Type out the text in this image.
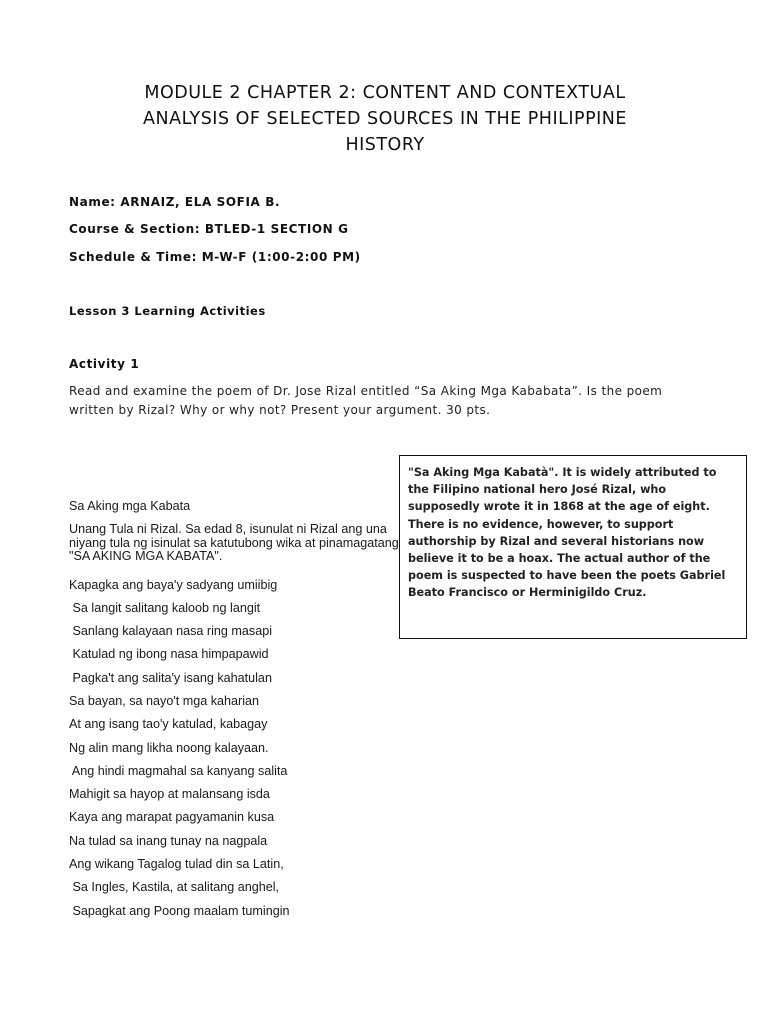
MODULE 2 CHAPTER 2: CONTENT AND CONTEXTUAL
ANALYSIS OF SELECTED SOURCES IN THE PHILIPPINE
HISTORY
Name: ARNAIZ, ELA SOFIA B.
Course & Section: BTLED-1 SECTION G
Schedule & Time: M-W-F (1:00-2:00 PM)
Lesson 3 Learning Activities
Activity 1
Read and examine the poem of Dr. Jose Rizal entitled “Sa Aking Mga Kababata”. Is the poem written by Rizal? Why or why not? Present your argument. 30 pts.
"Sa Aking Mga Kabatà". It is widely attributed to the Filipino national hero José Rizal, who supposedly wrote it in 1868 at the age of eight. There is no evidence, however, to support authorship by Rizal and several historians now believe it to be a hoax. The actual author of the poem is suspected to have been the poets Gabriel Beato Francisco or Herminigildo Cruz.
Sa Aking mga Kabata
Unang Tula ni Rizal. Sa edad 8, isunulat ni Rizal ang una niyang tula ng isinulat sa katutubong wika at pinamagatang "SA AKING MGA KABATA".
Kapagka ang baya'y sadyang umiibig
Sa langit salitang kaloob ng langit
Sanlang kalayaan nasa ring masapi
Katulad ng ibong nasa himpapawid
Pagka't ang salita'y isang kahatulan
Sa bayan, sa nayo't mga kaharian
At ang isang tao'y katulad, kabagay
Ng alin mang likha noong kalayaan.
Ang hindi magmahal sa kanyang salita
Mahigit sa hayop at malansang isda
Kaya ang marapat pagyamanin kusa
Na tulad sa inang tunay na nagpala
Ang wikang Tagalog tulad din sa Latin,
Sa Ingles, Kastila, at salitang anghel,
Sapagkat ang Poong maalam tumingin
